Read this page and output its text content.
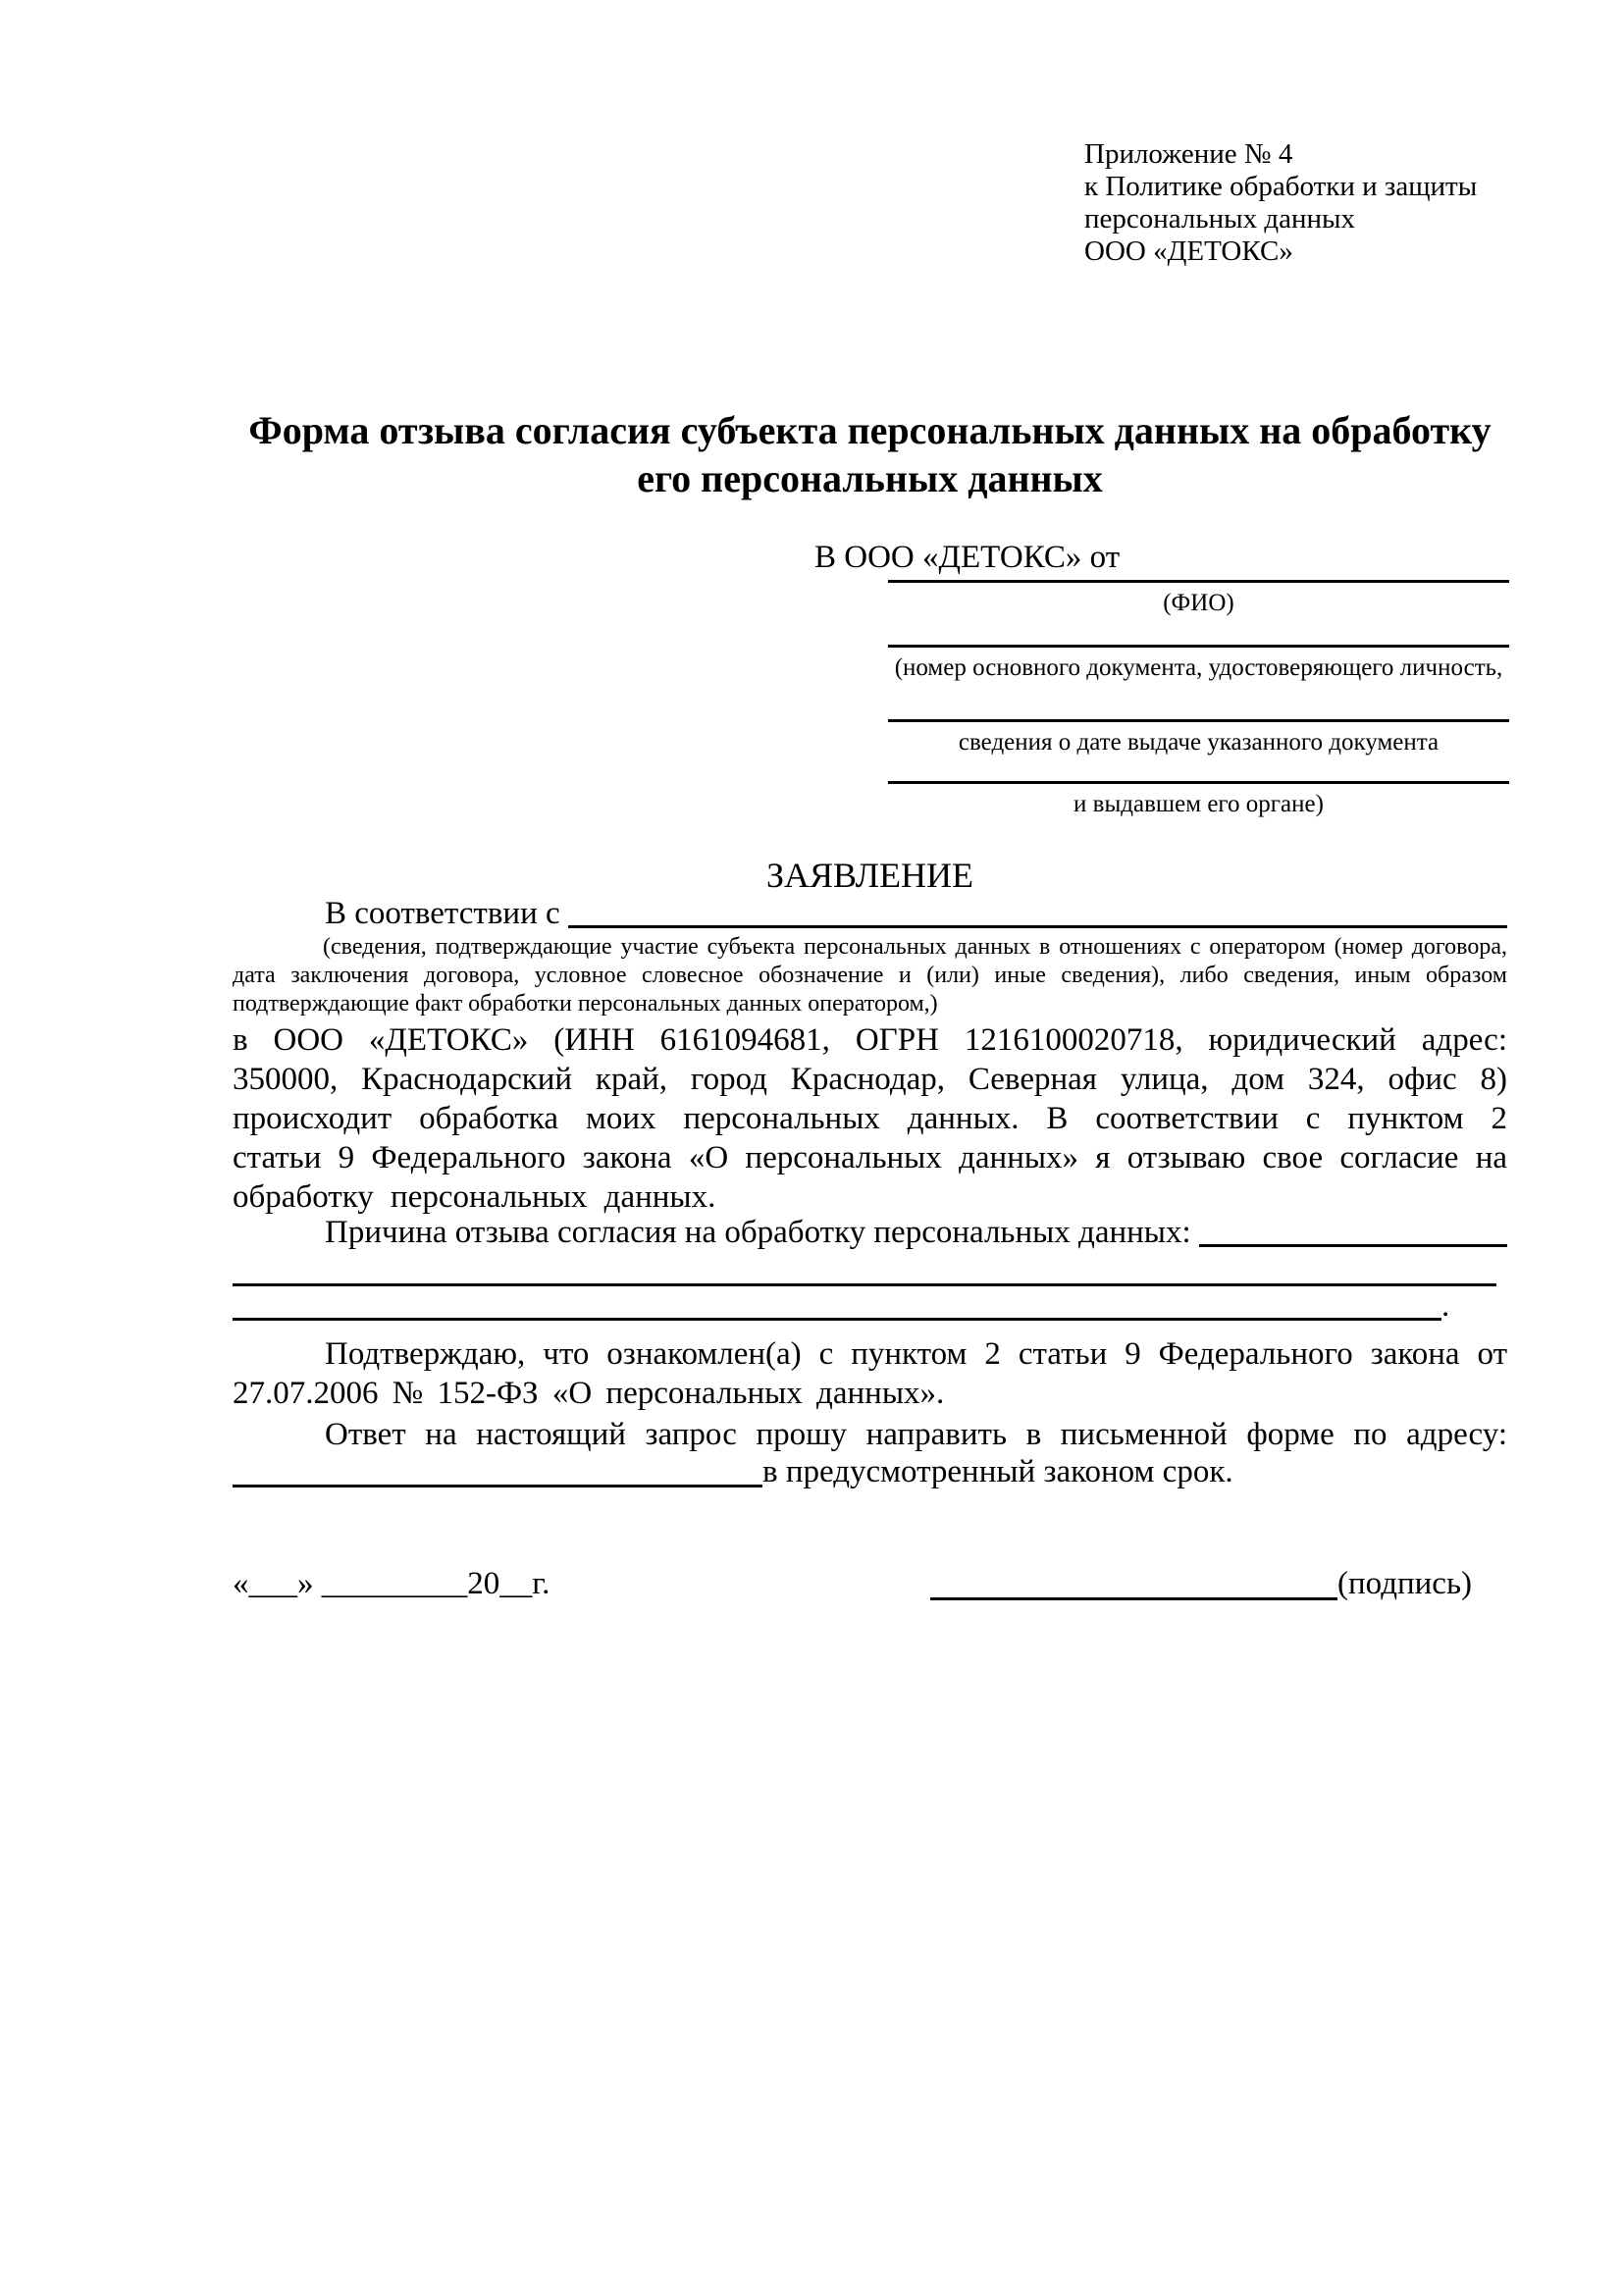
Приложение № 4
к Политике обработки и защиты
персональных данных
ООО «ДЕТОКС»
Форма отзыва согласия субъекта персональных данных на обработку его персональных данных
В ООО «ДЕТОКС» от
(ФИО)
(номер основного документа, удостоверяющего личность,
сведения о дате выдаче указанного документа
и выдавшем его органе)
ЗАЯВЛЕНИЕ
В соответствии с

(сведения, подтверждающие участие субъекта персональных данных в отношениях с оператором (номер договора, дата заключения договора, условное словесное обозначение и (или) иные сведения), либо сведения, иным образом подтверждающие факт обработки персональных данных оператором,)
в ООО «ДЕТОКС» (ИНН 6161094681, ОГРН 1216100020718, юридический адрес: 350000, Краснодарский край, город Краснодар, Северная улица, дом 324, офис 8) происходит обработка моих персональных данных. В соответствии с пунктом 2 статьи 9 Федерального закона «О персональных данных» я отзываю свое согласие на обработку персональных данных.
Причина отзыва согласия на обработку персональных данных:

.
Подтверждаю, что ознакомлен(а) с пунктом 2 статьи 9 Федерального закона от 27.07.2006 № 152-ФЗ «О персональных данных».
Ответ на настоящий запрос прошу направить в письменной форме по адресу:
в предусмотренный законом срок.
«___» _________20__г.	(подпись)
